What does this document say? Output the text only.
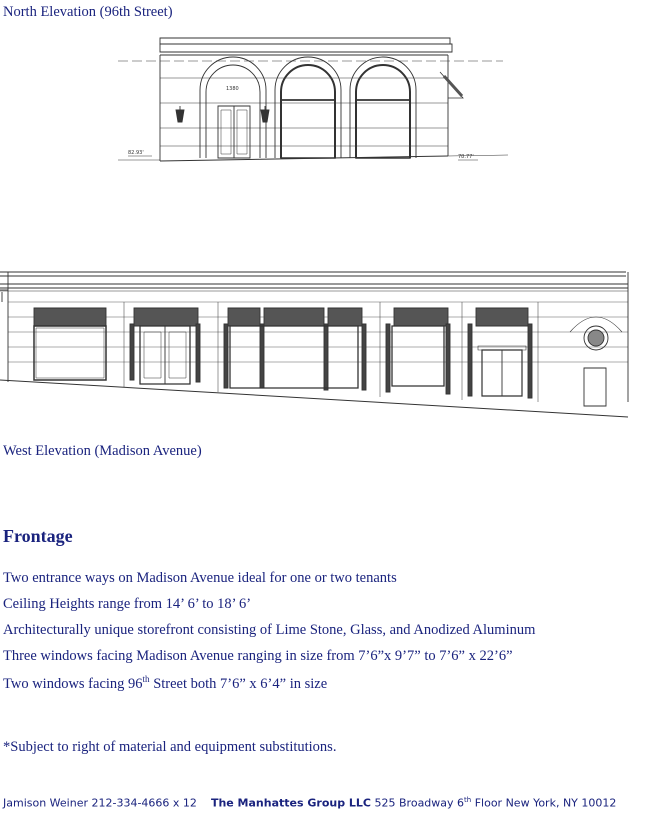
North Elevation (96th Street)
1380
82.93'
78.77'
West Elevation (Madison Avenue)
Frontage
Two entrance ways on Madison Avenue ideal for one or two tenants
Ceiling Heights range from 14’ 6’ to 18’ 6’
Architecturally unique storefront consisting of Lime Stone, Glass, and Anodized Aluminum
Three windows facing Madison Avenue ranging in size from 7’6”x 9’7” to 7’6” x 22’6”
Two windows facing 96th Street both 7’6” x 6’4” in size
*Subject to right of material and equipment substitutions.
Jamison Weiner 212-334-4666 x 12 The Manhattes Group LLC 525 Broadway 6th Floor New York, NY 10012
